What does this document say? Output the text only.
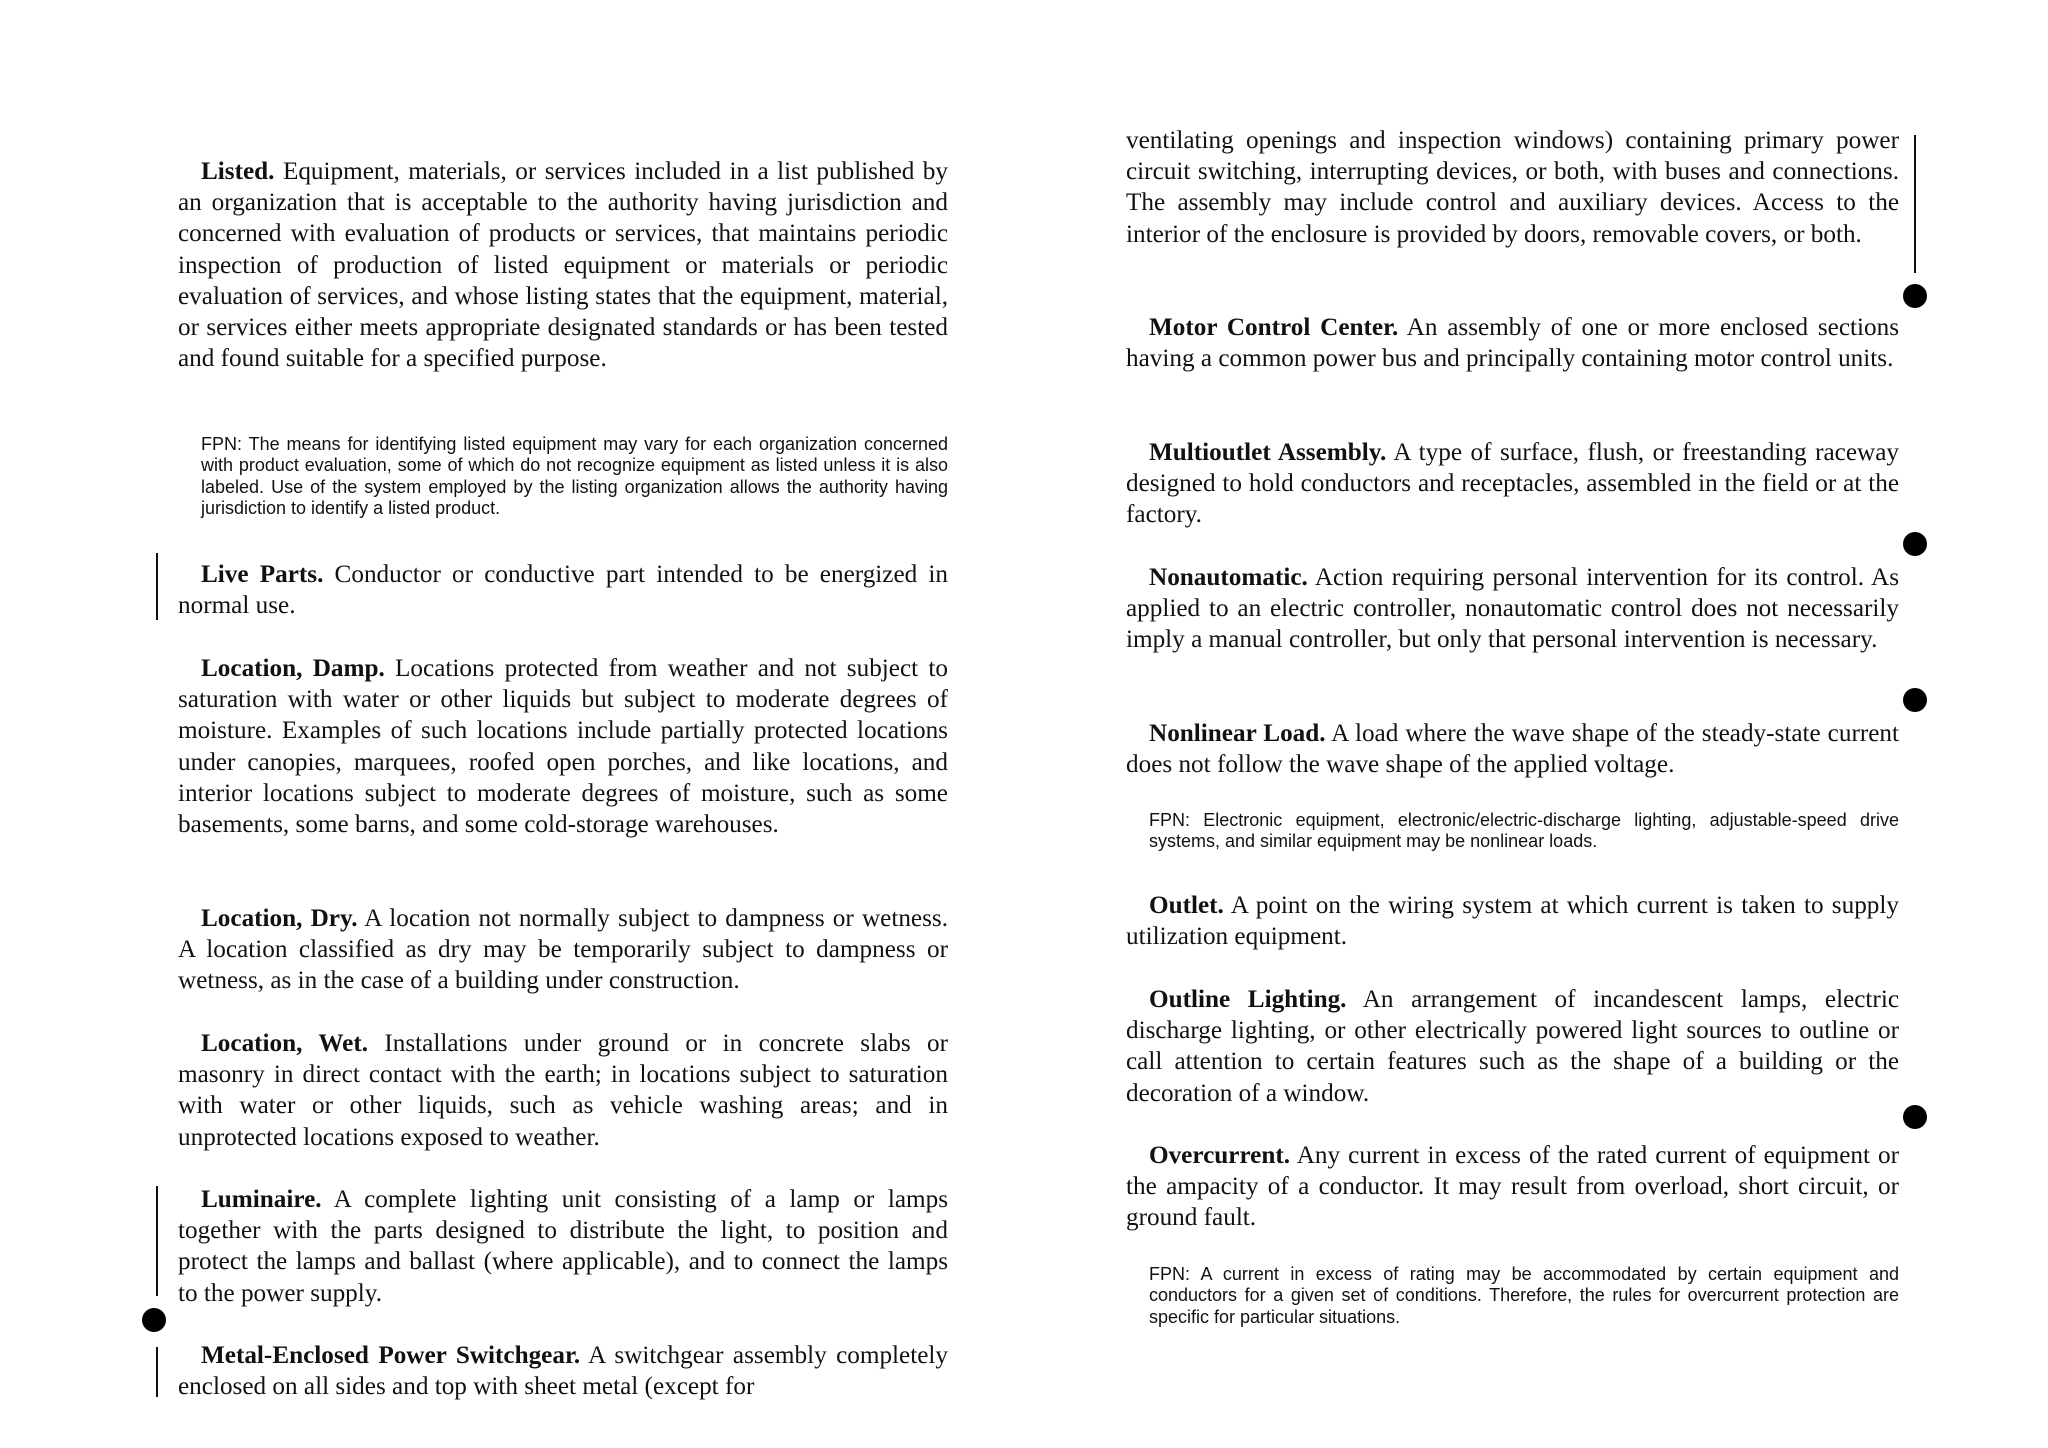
Listed. Equipment, materials, or services included in a list published by an organization that is acceptable to the authority having jurisdiction and concerned with evaluation of products or services, that maintains periodic inspection of production of listed equipment or materials or periodic evaluation of services, and whose listing states that the equipment, material, or services either meets appropriate designated standards or has been tested and found suitable for a specified purpose.

FPN: The means for identifying listed equipment may vary for each organization concerned with product evaluation, some of which do not recognize equipment as listed unless it is also labeled. Use of the system employed by the listing organization allows the authority having jurisdiction to identify a listed product.

Live Parts. Conductor or conductive part intended to be energized in normal use.

Location, Damp. Locations protected from weather and not subject to saturation with water or other liquids but subject to moderate degrees of moisture. Examples of such locations include partially protected locations under canopies, marquees, roofed open porches, and like locations, and interior locations subject to moderate degrees of moisture, such as some basements, some barns, and some cold-storage warehouses.

Location, Dry. A location not normally subject to dampness or wetness. A location classified as dry may be temporarily subject to dampness or wetness, as in the case of a building under construction.

Location, Wet. Installations under ground or in concrete slabs or masonry in direct contact with the earth; in locations subject to saturation with water or other liquids, such as vehicle washing areas; and in unprotected locations exposed to weather.

Luminaire. A complete lighting unit consisting of a lamp or lamps together with the parts designed to distribute the light, to position and protect the lamps and ballast (where applicable), and to connect the lamps to the power supply.

Metal-Enclosed Power Switchgear. A switchgear assembly completely enclosed on all sides and top with sheet metal (except for

ventilating openings and inspection windows) containing primary power circuit switching, interrupting devices, or both, with buses and connections. The assembly may include control and auxiliary devices. Access to the interior of the enclosure is provided by doors, removable covers, or both.

Motor Control Center. An assembly of one or more enclosed sections having a common power bus and principally containing motor control units.

Multioutlet Assembly. A type of surface, flush, or freestanding raceway designed to hold conductors and receptacles, assembled in the field or at the factory.

Nonautomatic. Action requiring personal intervention for its control. As applied to an electric controller, nonautomatic control does not necessarily imply a manual controller, but only that personal intervention is necessary.

Nonlinear Load. A load where the wave shape of the steady-state current does not follow the wave shape of the applied voltage.

FPN: Electronic equipment, electronic/electric-discharge lighting, adjustable-speed drive systems, and similar equipment may be nonlinear loads.

Outlet. A point on the wiring system at which current is taken to supply utilization equipment.

Outline Lighting. An arrangement of incandescent lamps, electric discharge lighting, or other electrically powered light sources to outline or call attention to certain features such as the shape of a building or the decoration of a window.

Overcurrent. Any current in excess of the rated current of equipment or the ampacity of a conductor. It may result from overload, short circuit, or ground fault.

FPN: A current in excess of rating may be accommodated by certain equipment and conductors for a given set of conditions. Therefore, the rules for overcurrent protection are specific for particular situations.
